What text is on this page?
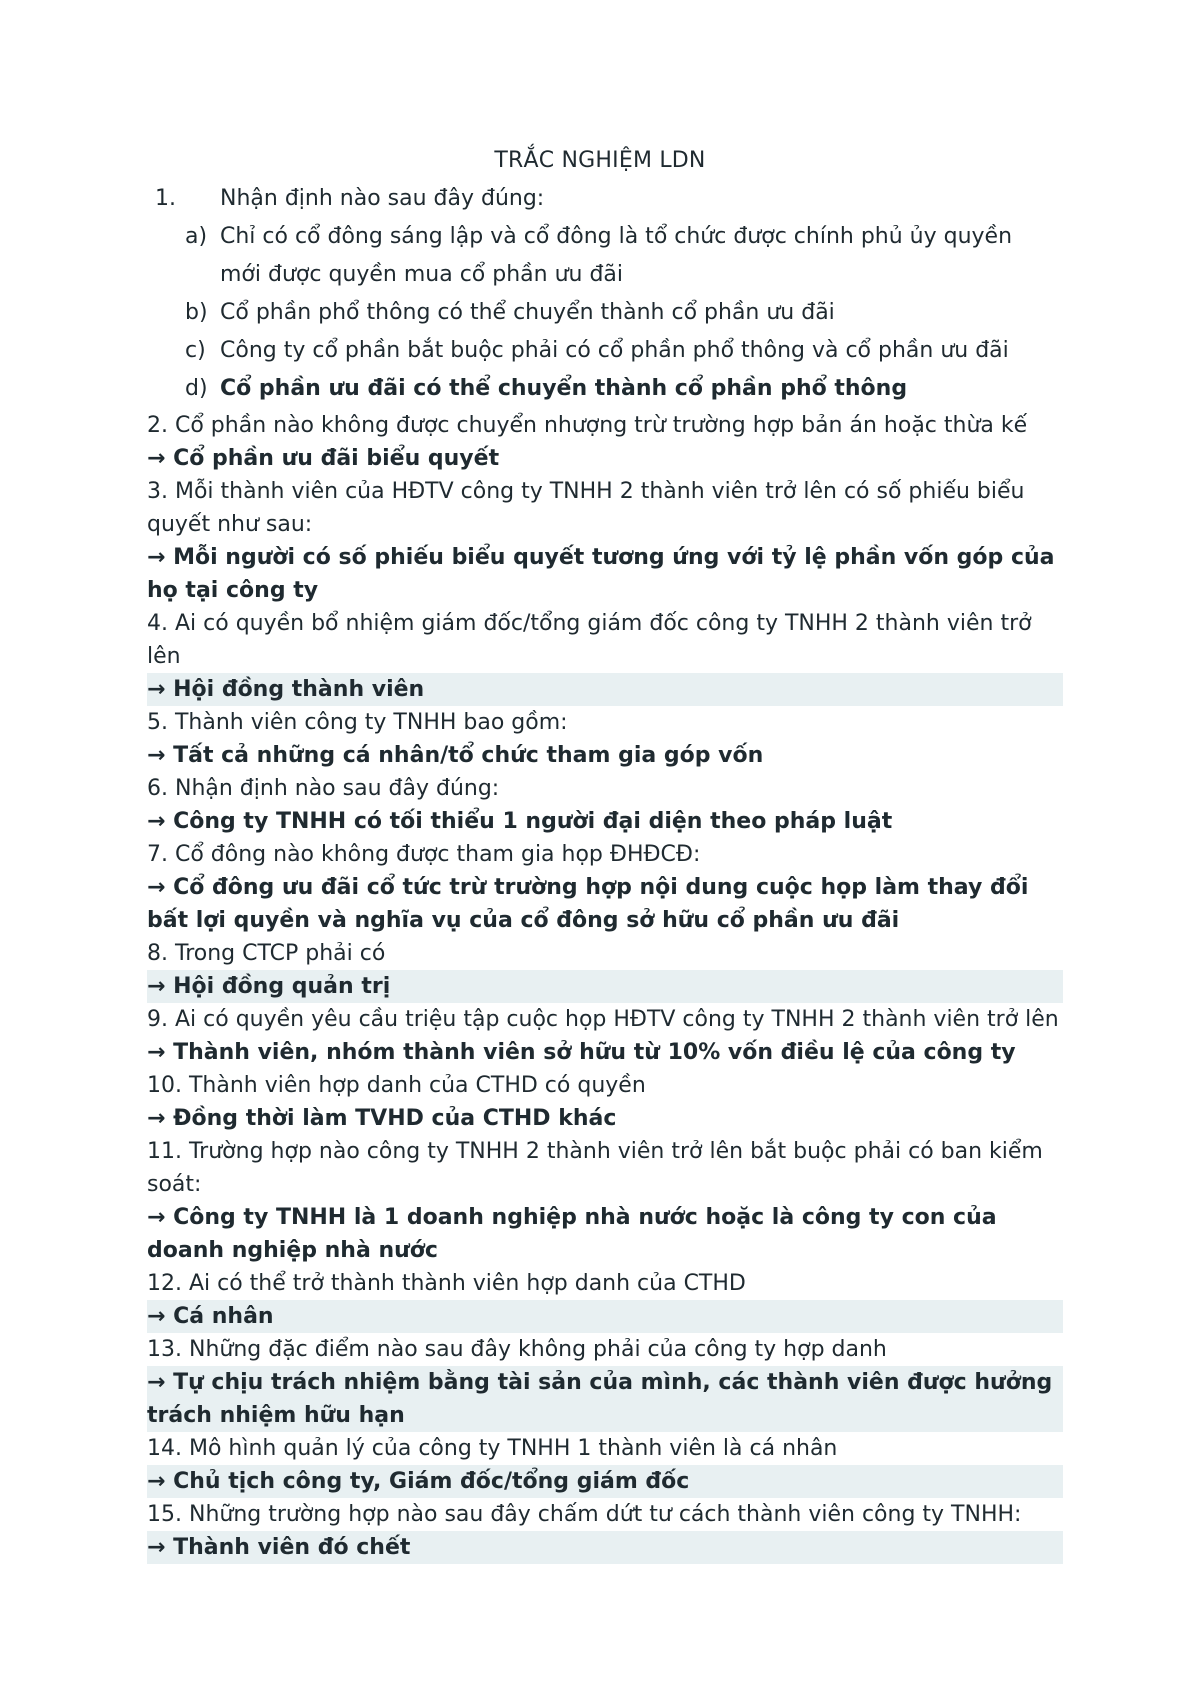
TRẮC NGHIỆM LDN
1. Nhận định nào sau đây đúng:
a) Chỉ có cổ đông sáng lập và cổ đông là tổ chức được chính phủ ủy quyền mới được quyền mua cổ phần ưu đãi
b) Cổ phần phổ thông có thể chuyển thành cổ phần ưu đãi
c) Công ty cổ phần bắt buộc phải có cổ phần phổ thông và cổ phần ưu đãi
d) Cổ phần ưu đãi có thể chuyển thành cổ phần phổ thông
2. Cổ phần nào không được chuyển nhượng trừ trường hợp bản án hoặc thừa kế
→ Cổ phần ưu đãi biểu quyết
3. Mỗi thành viên của HĐTV công ty TNHH 2 thành viên trở lên có số phiếu biểu quyết như sau:
→ Mỗi người có số phiếu biểu quyết tương ứng với tỷ lệ phần vốn góp của họ tại công ty
4. Ai có quyền bổ nhiệm giám đốc/tổng giám đốc công ty TNHH 2 thành viên trở lên
→ Hội đồng thành viên
5. Thành viên công ty TNHH bao gồm:
→ Tất cả những cá nhân/tổ chức tham gia góp vốn
6. Nhận định nào sau đây đúng:
→ Công ty TNHH có tối thiểu 1 người đại diện theo pháp luật
7. Cổ đông nào không được tham gia họp ĐHĐCĐ:
→ Cổ đông ưu đãi cổ tức trừ trường hợp nội dung cuộc họp làm thay đổi bất lợi quyền và nghĩa vụ của cổ đông sở hữu cổ phần ưu đãi
8. Trong CTCP phải có
→ Hội đồng quản trị
9. Ai có quyền yêu cầu triệu tập cuộc họp HĐTV công ty TNHH 2 thành viên trở lên
→ Thành viên, nhóm thành viên sở hữu từ 10% vốn điều lệ của công ty
10. Thành viên hợp danh của CTHD có quyền
→ Đồng thời làm TVHD của CTHD khác
11. Trường hợp nào công ty TNHH 2 thành viên trở lên bắt buộc phải có ban kiểm soát:
→ Công ty TNHH là 1 doanh nghiệp nhà nước hoặc là công ty con của doanh nghiệp nhà nước
12. Ai có thể trở thành thành viên hợp danh của CTHD
→ Cá nhân
13. Những đặc điểm nào sau đây không phải của công ty hợp danh
→ Tự chịu trách nhiệm bằng tài sản của mình, các thành viên được hưởng trách nhiệm hữu hạn
14. Mô hình quản lý của công ty TNHH 1 thành viên là cá nhân
→ Chủ tịch công ty, Giám đốc/tổng giám đốc
15. Những trường hợp nào sau đây chấm dứt tư cách thành viên công ty TNHH:
→ Thành viên đó chết
